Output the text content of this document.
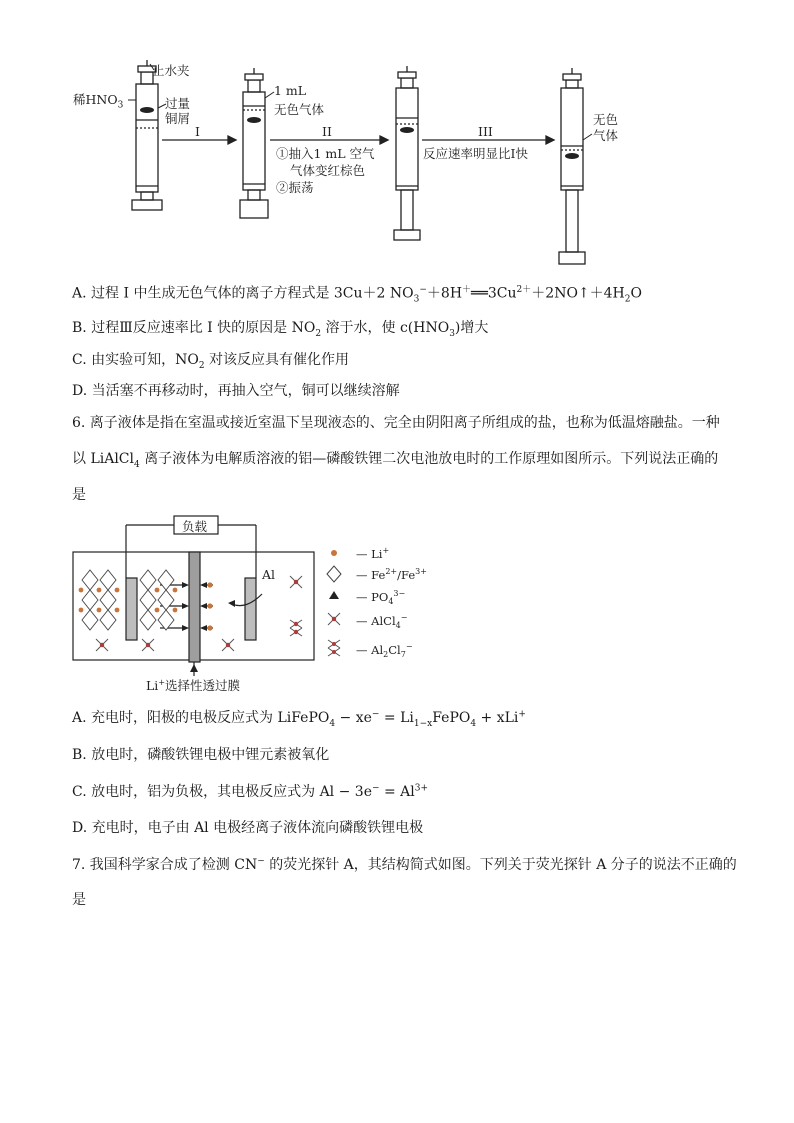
止水夹
稀$HNO_3$	过量
铜屑
I
1 mL
无色气体
II
①抽入1 mL 空气
气体变红棕色
②振荡
III
反应速率明显比I快
无色
气体
A. 过程 I 中生成无色气体的离子方程式是 3Cu＋2 $NO_3^-+8H^+══3Cu^{2+}+2NO↑+4H_2O$
B. 过程Ⅲ反应速率比 I 快的原因是 $NO_2$ 溶于水，使 $c(HNO_3)$增大
C. 由实验可知，$NO_2$ 对该反应具有催化作用
D. 当活塞不再移动时，再抽入空气，铜可以继续溶解
6. 离子液体是指在室温或接近室温下呈现液态的、完全由阴阳离子所组成的盐，也称为低温熔融盐。一种
以 LiAlCl$_4$ 离子液体为电解质溶液的铝—磷酸铁锂二次电池放电时的工作原理如图所示。下列说法正确的
是
负载
Al
Li+选择性透过膜
— Li+
— $Fe^{2+}/Fe^{3+}$
— $PO_4^{3-}$
— AlCl$_4$−
— $Al_2Cl_7^-$
A. 充电时，阳极的电极反应式为 LiFePO$_4$ − $xe^- = Li_{1-x}FePO_4 + xLi^+$
B. 放电时，磷酸铁锂电极中锂元素被氧化
C. 放电时，铝为负极，其电极反应式为 $Al - 3e^- = Al^{3+}$
D. 充电时，电子由 Al 电极经离子液体流向磷酸铁锂电极
7. 我国科学家合成了检测 CN− 的荧光探针 A，其结构简式如图。下列关于荧光探针 A 分子的说法不正确的
是
